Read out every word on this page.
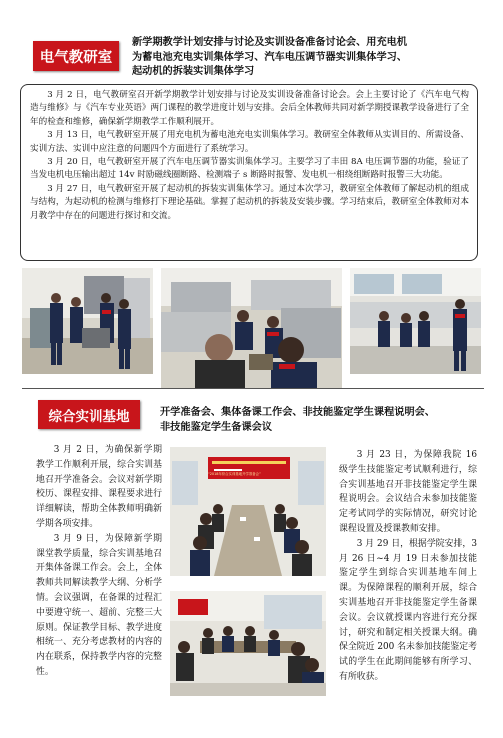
电气教研室
新学期教学计划安排与讨论及实训设备准备讨论会、用充电机
为蓄电池充电实训集体学习、汽车电压调节器实训集体学习、
起动机的拆装实训集体学习

3 月 2 日，电气教研室召开新学期教学计划安排与讨论及实训设备准备讨论会。会上主要讨论了《汽车电气构造与维修》与《汽车专业英语》两门课程的教学进度计划与安排。会后全体教师共同对新学期授课教学设备进行了全年的检查和维修，确保新学期教学工作顺利展开。

3 月 13 日，电气教研室开展了用充电机为蓄电池充电实训集体学习。教研室全体教师从实训目的、所需设备、实训方法、实训中应注意的问题四个方面进行了系统学习。

3 月 20 日，电气教研室开展了汽车电压调节器实训集体学习。主要学习了丰田 8A 电压调节器的功能，验证了当发电机电压输出超过 14v 时励磁线圈断路、检测端子 s 断路时报警、发电机一相绕组断路时报警三大功能。

3 月 27 日，电气教研室开展了起动机的拆装实训集体学习。通过本次学习，教研室全体教师了解起动机的组成与结构，为起动机的检测与维修打下理论基础。掌握了起动机的拆装及安装步骤。学习结束后，教研室全体教师对本月教学中存在的问题进行探讨和交流。

综合实训基地	开学准备会、集体备课工作会、非技能鉴定学生课程说明会、
非技能鉴定学生备课会议

3 月 2 日，为确保新学期教学工作顺利开展，综合实训基地召开学准备会。会议对新学期校历、课程安排、课程要求进行详细解读，帮助全体教师明确新学期各项安排。

3 月 9 日，为保障新学期课堂教学质量，综合实训基地召开集体备课工作会。会上，全体教师共同解读教学大纲、分析学情。会议强调，在备课的过程汇中要遵守统一、超前、完整三大原则。保证教学目标、教学进度相统一、充分考虑教材的内容的内在联系，保持教学内容的完整性。

“2018年综合实训基地开学准备会”

3 月 23 日，为保障我院 16 级学生技能鉴定考试顺利进行，综合实训基地召开非技能鉴定学生课程说明会。会议结合未参加技能鉴定考试同学的实际情况，研究讨论课程设置及授课教师安排。

3 月 29 日，根据学院安排，3 月 26 日~4 月 19 日未参加技能鉴定学生到综合实训基地车间上课。为保障课程的顺利开展，综合实训基地召开非技能鉴定学生备课会议。会议就授课内容进行充分探讨，研究和制定相关授课大纲。确保全院近 200 名未参加技能鉴定考试的学生在此期间能够有所学习、有所收获。
